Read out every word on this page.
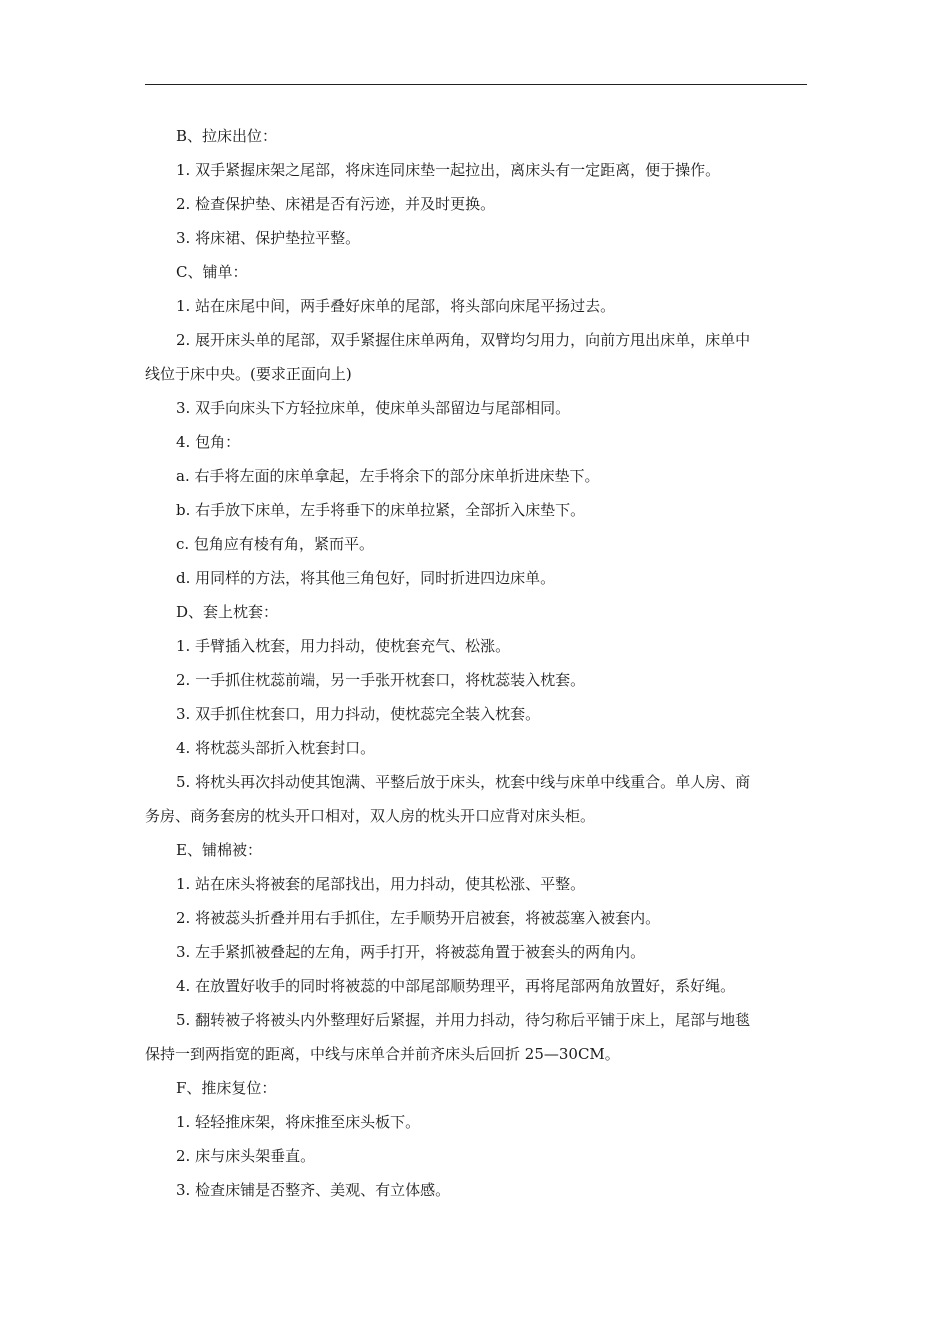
B、拉床出位：
1. 双手紧握床架之尾部，将床连同床垫一起拉出，离床头有一定距离，便于操作。
2. 检查保护垫、床裙是否有污迹，并及时更换。
3. 将床裙、保护垫拉平整。
C、铺单：
1. 站在床尾中间，两手叠好床单的尾部，将头部向床尾平扬过去。
2. 展开床头单的尾部，双手紧握住床单两角，双臂均匀用力，向前方甩出床单，床单中
线位于床中央。(要求正面向上)
3. 双手向床头下方轻拉床单，使床单头部留边与尾部相同。
4. 包角：
a. 右手将左面的床单拿起，左手将余下的部分床单折进床垫下。
b. 右手放下床单，左手将垂下的床单拉紧，全部折入床垫下。
c. 包角应有棱有角，紧而平。
d. 用同样的方法，将其他三角包好，同时折进四边床单。
D、套上枕套：
1. 手臂插入枕套，用力抖动，使枕套充气、松涨。
2. 一手抓住枕蕊前端，另一手张开枕套口，将枕蕊装入枕套。
3. 双手抓住枕套口，用力抖动，使枕蕊完全装入枕套。
4. 将枕蕊头部折入枕套封口。
5. 将枕头再次抖动使其饱满、平整后放于床头，枕套中线与床单中线重合。单人房、商
务房、商务套房的枕头开口相对，双人房的枕头开口应背对床头柜。
E、铺棉被：
1. 站在床头将被套的尾部找出，用力抖动，使其松涨、平整。
2. 将被蕊头折叠并用右手抓住，左手顺势开启被套，将被蕊塞入被套内。
3. 左手紧抓被叠起的左角，两手打开，将被蕊角置于被套头的两角内。
4. 在放置好收手的同时将被蕊的中部尾部顺势理平，再将尾部两角放置好，系好绳。
5. 翻转被子将被头内外整理好后紧握，并用力抖动，待匀称后平铺于床上，尾部与地毯
保持一到两指宽的距离，中线与床单合并前齐床头后回折 25—30CM。
F、推床复位：
1. 轻轻推床架，将床推至床头板下。
2. 床与床头架垂直。
3. 检查床铺是否整齐、美观、有立体感。
